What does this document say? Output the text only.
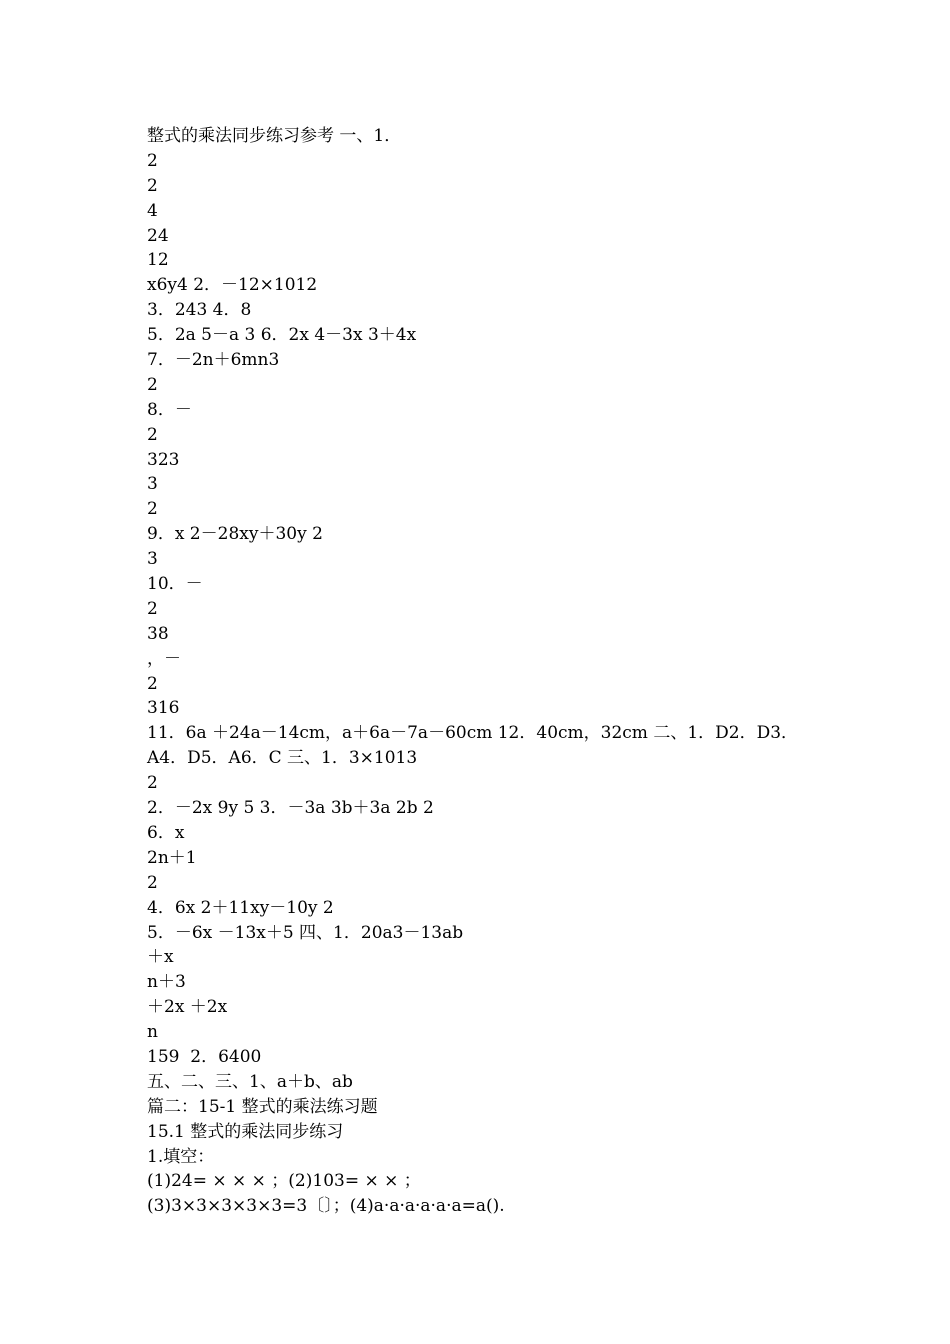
整式的乘法同步练习参考 一、1．
2
2
4
24
12
x6y4 2．－12×1012
3．243 4．8
5．2a 5－a 3 6．2x 4－3x 3＋4x
7．－2n＋6mn3
2
8．－
2
323
3
2
9．x 2－28xy＋30y 2
3
10．－
2
38
，－
2
316
11．6a ＋24a－14cm，a＋6a－7a－60cm 12．40cm，32cm 二、1．D2．D3．
A4．D5．A6．C 三、1．3×1013
2
2．－2x 9y 5 3．－3a 3b＋3a 2b 2
6．x
2n＋1
2
4．6x 2＋11xy－10y 2
5．－6x －13x＋5 四、1．20a3－13ab
＋x
n＋3
＋2x ＋2x
n
159  2．6400
五、二、三、1、a＋b、ab
篇二：15-1 整式的乘法练习题
15.1 整式的乘法同步练习
1.填空：
(1)24= × × × ；(2)103= × × ；
(3)3×3×3×3×3=3〔〕；(4)a·a·a·a·a·a=a().
